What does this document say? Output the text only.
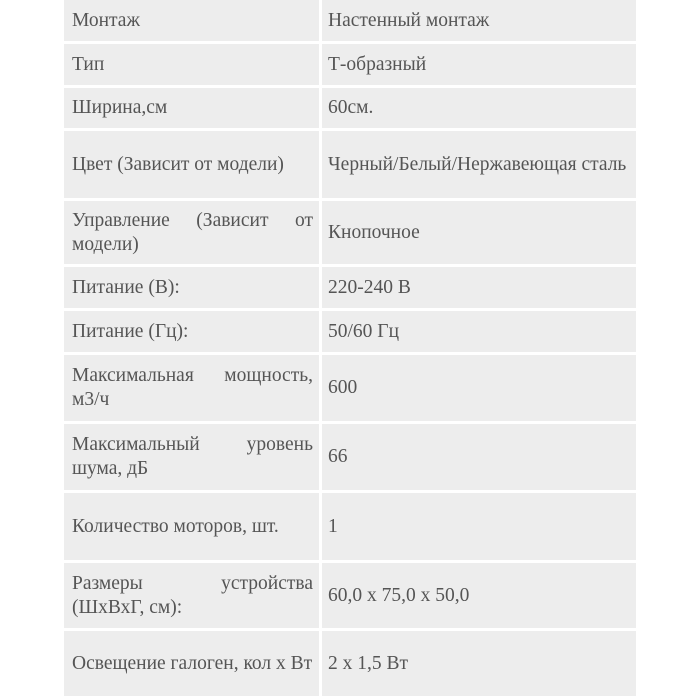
Монтаж	Настенный монтаж
Тип	Т-образный
Ширина,см	60см.
Цвет (Зависит от модели)	Черный/Белый/Нержавеющая сталь
Управление (Зависит от модели)	Кнопочное
Питание (В):	220-240 В
Питание (Гц):	50/60 Гц
Максимальная мощность, м3/ч	600
Максимальный уровень шума, дБ	66
Количество моторов, шт.	1
Размеры устройства (ШхВхГ, см):	60,0 х 75,0 х 50,0
Освещение галоген, кол х Вт	2 х 1,5 Вт
